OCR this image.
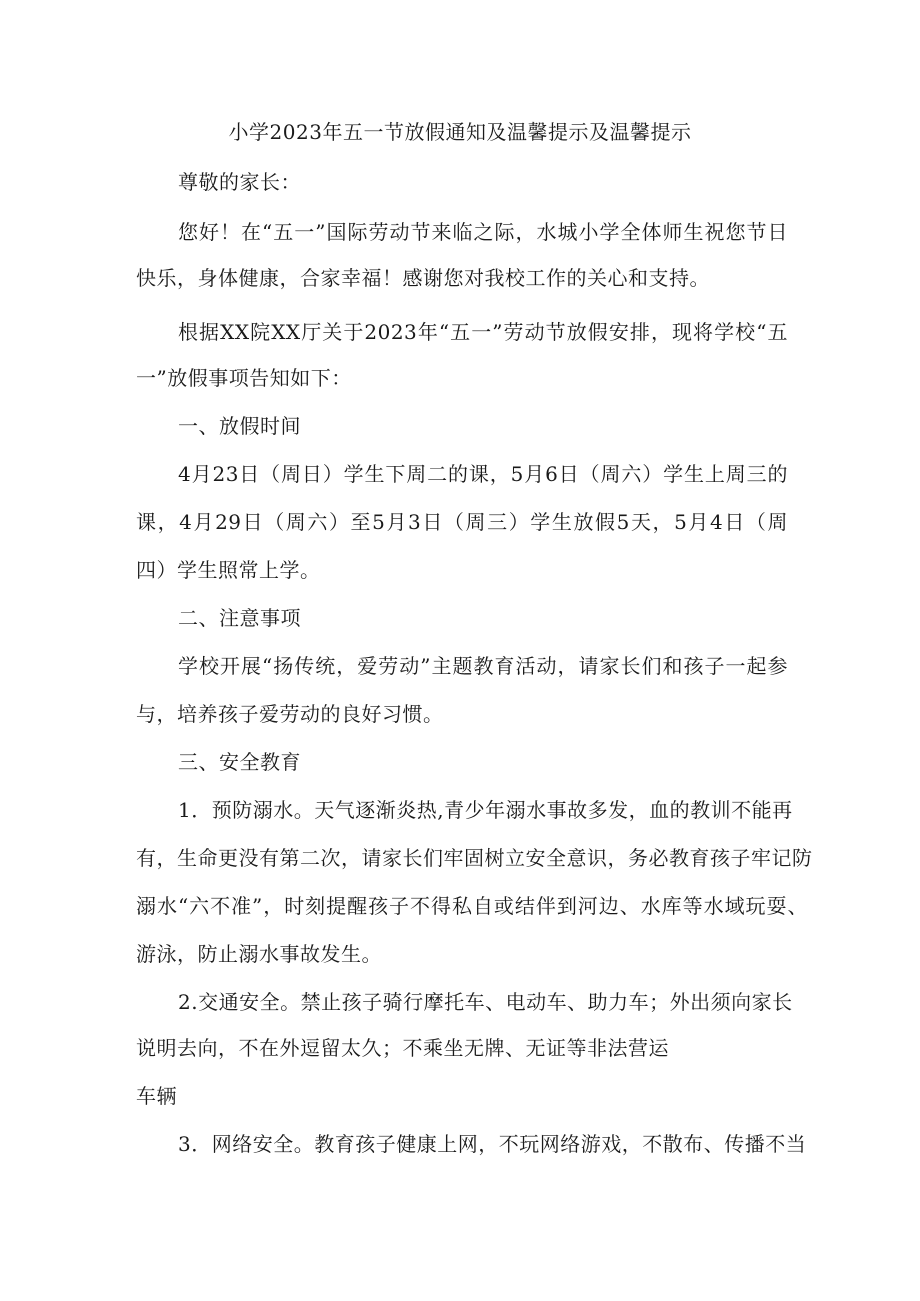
小学2023年五一节放假通知及温馨提示及温馨提示
尊敬的家长：
您好！在“五一”国际劳动节来临之际，水城小学全体师生祝您节日
快乐，身体健康，合家幸福！感谢您对我校工作的关心和支持。
根据XX院XX厅关于2023年“五一”劳动节放假安排，现将学校“五
一”放假事项告知如下：
一、放假时间
4月23日（周日）学生下周二的课，5月6日（周六）学生上周三的
课，4月29日（周六）至5月3日（周三）学生放假5天，5月4日（周
四）学生照常上学。
二、注意事项
学校开展“扬传统，爱劳动”主题教育活动，请家长们和孩子一起参
与，培养孩子爱劳动的良好习惯。
三、安全教育
1．预防溺水。天气逐渐炎热,青少年溺水事故多发，血的教训不能再
有，生命更没有第二次，请家长们牢固树立安全意识，务必教育孩子牢记防
溺水“六不准”，时刻提醒孩子不得私自或结伴到河边、水库等水域玩耍、
游泳，防止溺水事故发生。
2.交通安全。禁止孩子骑行摩托车、电动车、助力车；外出须向家长
说明去向，不在外逗留太久；不乘坐无牌、无证等非法营运
车辆
3．网络安全。教育孩子健康上网，不玩网络游戏，不散布、传播不当
